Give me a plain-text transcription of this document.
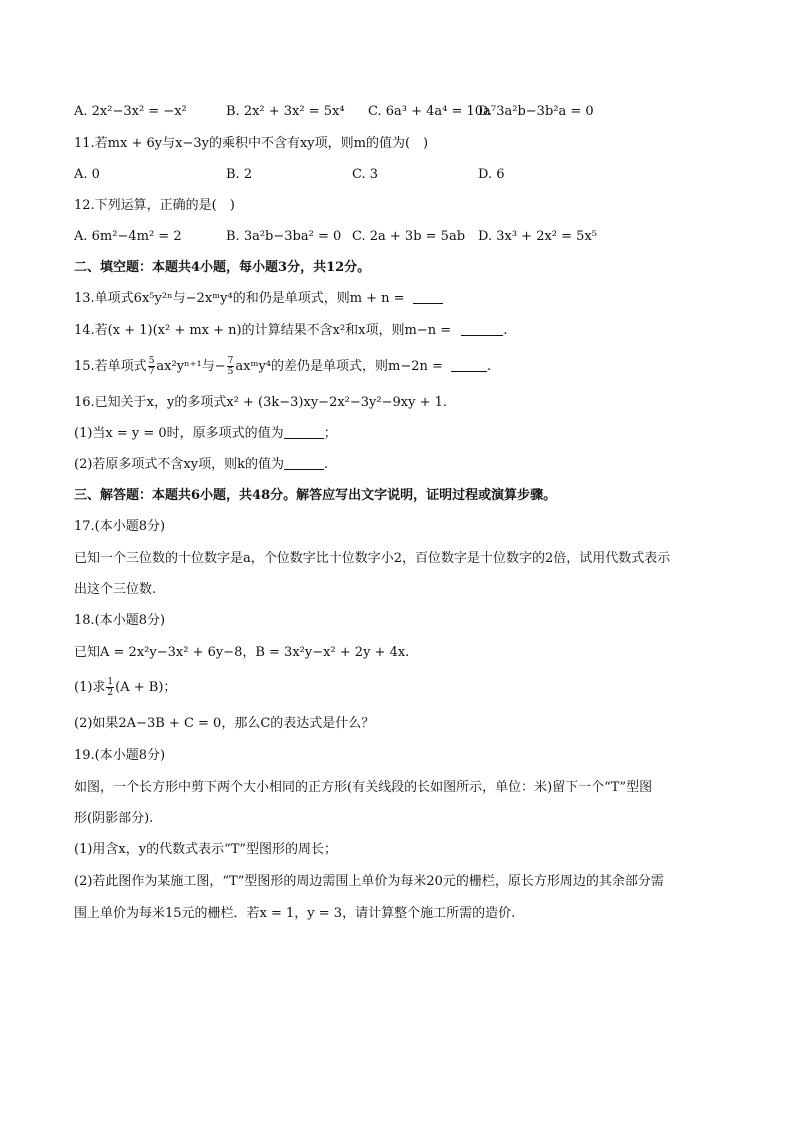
A. 2x²−3x² = −x²	B. 2x² + 3x² = 5x⁴ C. 6a³ + 4a⁴ = 10a⁷
D. 3a²b−3b²a = 0
11.若mx + 6y与x−3y的乘积中不含有xy项，则m的值为(　)
A. 0	B. 2	C. 3	D. 6
12.下列运算，正确的是(　)
A. 6m²−4m² = 2	B. 3a²b−3ba² = 0 C. 2a + 3b = 5ab D. 3x³ + 2x² = 5x⁵
二、填空题：本题共4小题，每小题3分，共12分。
13.单项式6x⁵y²ⁿ与−2xᵐy⁴的和仍是单项式，则m + n =
14.若(x + 1)(x² + mx + n)的计算结果不含x²和x项，则m−n =	.
15.若单项式 $\frac{5}{7} ax^2y^{n+1}$与− $\frac{7}{5}$ axᵐy⁴的差仍是单项式，则m−2n =	.
16.已知关于x，y的多项式x² + (3k−3)xy−2x²−3y²−9xy + 1.
(1)当x = y = 0时，原多项式的值为	；
(2)若原多项式不含xy项，则k的值为	.
三、解答题：本题共6小题，共48分。解答应写出文字说明，证明过程或演算步骤。
17.(本小题8分)
已知一个三位数的十位数字是a，个位数字比十位数字小2，百位数字是十位数字的2倍，试用代数式表示
出这个三位数.
18.(本小题8分)
已知A = 2x²y−3x² + 6y−8，B = 3x²y−x² + 2y + 4x.
(1)求 $\frac{1}{2} (A + B)$；
(2)如果2A−3B + C = 0，那么C的表达式是什么？
19.(本小题8分)
如图，一个长方形中剪下两个大小相同的正方形(有关线段的长如图所示，单位：米)留下一个“T”型图
形(阴影部分).
(1)用含x，y的代数式表示“T”型图形的周长；
(2)若此图作为某施工图，“T”型图形的周边需围上单价为每米20元的栅栏，原长方形周边的其余部分需
围上单价为每米15元的栅栏．若x = 1，y = 3，请计算整个施工所需的造价.
